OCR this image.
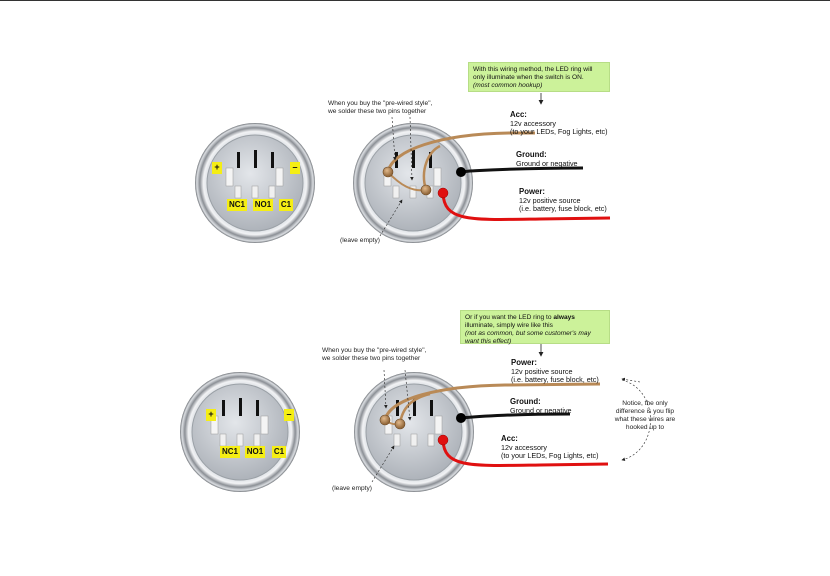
+	–
NC1 NO1 C1
With this wiring method, the LED ring will
only illuminate when the switch is ON.
(most common hookup)
When you buy the "pre-wired style",
we solder these two pins together
(leave empty)
Acc:
12v accessory
(to your LEDs, Fog Lights, etc)
Ground:
Ground or negative
Power:
12v positive source
(i.e. battery, fuse block, etc)
+	–
NC1 NO1 C1
Or if you want the LED ring to always
illuminate, simply wire like this
(not as common, but some customer's may
want this effect)
When you buy the "pre-wired style",
we solder these two pins together
(leave empty)
Power:
12v positive source
(i.e. battery, fuse block, etc)
Ground:
Ground or negative
Acc:
12v accessory
(to your LEDs, Fog Lights, etc)
Notice, the only
difference is you flip
what these wires are
hooked up to
